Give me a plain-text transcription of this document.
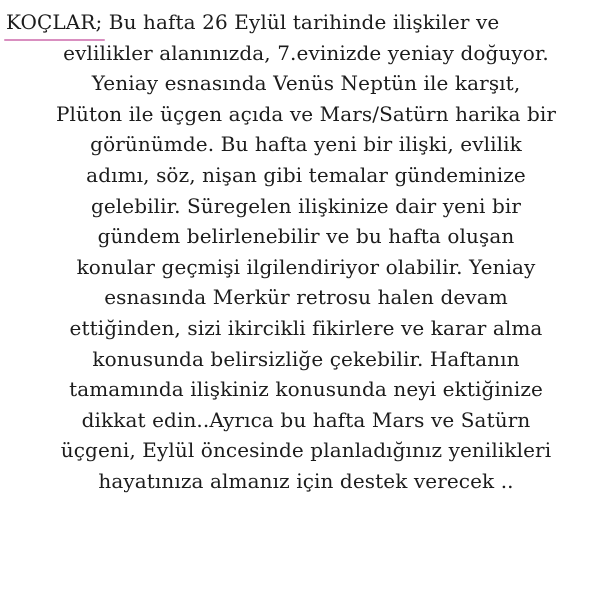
KOÇLAR;
Bu hafta 26 Eylül tarihinde ilişkiler ve
evlilikler alanınızda, 7.evinizde yeniay doğuyor.
Yeniay esnasında Venüs Neptün ile karşıt,
Plüton ile üçgen açıda ve Mars/Satürn harika bir
görünümde. Bu hafta yeni bir ilişki, evlilik
adımı, söz, nişan gibi temalar gündeminize
gelebilir. Süregelen ilişkinize dair yeni bir
gündem belirlenebilir ve bu hafta oluşan
konular geçmişi ilgilendiriyor olabilir. Yeniay
esnasında Merkür retrosu halen devam
ettiğinden, sizi ikircikli fikirlere ve karar alma
konusunda belirsizliğe çekebilir. Haftanın
tamamında ilişkiniz konusunda neyi ektiğinize
dikkat edin..Ayrıca bu hafta Mars ve Satürn
üçgeni, Eylül öncesinde planladığınız yenilikleri
hayatınıza almanız için destek verecek ..
